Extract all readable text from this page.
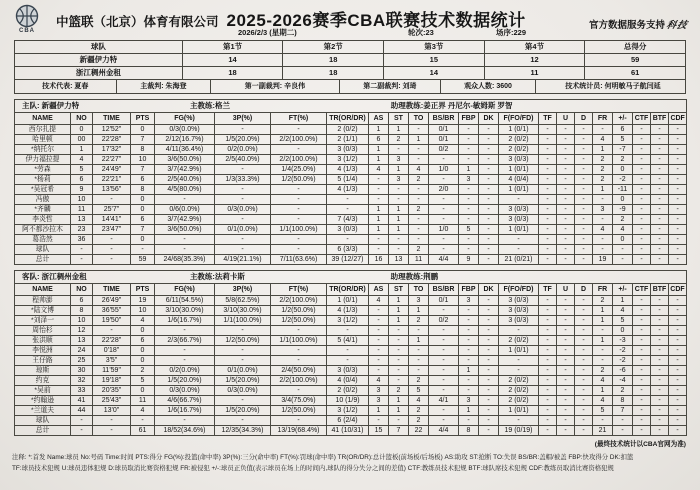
CBA
中篮联（北京）体育有限公司 2025-2026赛季CBA联赛技术数据统计
2026/2/3 (星期二)	轮次:23	场序:229
官方数据服务支持科技
球队	第1节	第2节	第3节	第4节	总得分
新疆伊力特	14	18	15	12	59
浙江稠州金租	18	18	14	11	61
技术代表: 夏春	主裁判: 朱海登	第一副裁判: 辛良伟	第二副裁判: 刘琦	观众人数: 3600	技术统计员: 何明敏马子航闫延
主队: 新疆伊力特 主教练:格兰 助理教练:姜正界 丹尼尔-敏姆斯 罗智																						
NAME	NO	TIME	PTS	FG(%)	3P(%)	FT(%)	TR(OR/DR)	AS	ST	TO	BS/BR	FBP	DK	F(FO/FD)	TF	U	D	FR	+/-	CTF	BTF	CDF
西尔扎提	0	12'52"	0	0/3(0.0%)	-	-	2 (0/2)	1	1	-	0/1	-	-	1 (0/1)	-	-	-	-	6	-	-	-
哈里顿	00	22'28"	7	2/12(16.7%)	1/5(20.0%)	2/2(100.0%)	2 (1/1)	6	2	1	0/1	-	-	2 (0/2)	-	-	-	4	5	-	-	-
*纳托尔	1	17'32"	8	4/11(36.4%)	0/2(0.0%)	-	3 (0/3)	1	-	-	0/2	-	-	2 (0/2)	-	-	-	1	-7	-	-	-
伊力福拉提	4	22'27"	10	3/6(50.0%)	2/5(40.0%)	2/2(100.0%)	3 (1/2)	1	3	-	-	-	-	3 (0/3)	-	-	-	2	2	-	-	-
*劳森	5	24'49"	7	3/7(42.9%)	-	1/4(25.0%)	4 (1/3)	4	1	4	1/0	1	-	1 (0/1)	-	-	-	2	0	-	-	-
*杨莉	6	22'21"	6	2/5(40.0%)	1/3(33.3%)	1/2(50.0%)	5 (1/4)	-	3	2	-	3	-	4 (0/4)	-	-	-	2	-2	-	-	-
*吴冠希	9	13'56"	8	4/5(80.0%)	-	-	4 (1/3)	-	-	-	2/0	-	-	1 (0/1)	-	-	-	1	-11	-	-	-
冯傲	10	-	0	-	-	-	-	-	-	-	-	-	-	-	-	-	-	-	0	-	-	-
*齐麟	11	25'7"	0	0/6(0.0%)	0/3(0.0%)	-	-	1	1	2	-	-	-	3 (0/3)	-	-	-	3	-9	-	-	-
李炎哲	13	14'41"	6	3/7(42.9%)	-	-	7 (4/3)	1	1	-	-	-	-	3 (0/3)	-	-	-	-	2	-	-	-
阿不都沙拉木	23	23'47"	7	3/6(50.0%)	0/1(0.0%)	1/1(100.0%)	3 (0/3)	1	1	-	1/0	5	-	1 (0/1)	-	-	-	4	4	-	-	-
葛浩然	36	-	0	-	-	-	-	-	-	-	-	-	-	-	-	-	-	-	0	-	-	-
球队	-	-	-	-	-	-	6 (3/3)	-	-	2	-	-	-	-	-	-	-	-	-	-	-	-
总计	-	-	59	24/68(35.3%)	4/19(21.1%)	7/11(63.6%)	39 (12/27)	16	13	11	4/4	9	-	21 (0/21)	-	-	-	19	-	-	-	-
客队: 浙江稠州金租 主教练:法莉卡斯 助理教练:荆鹏																						
NAME	NO	TIME	PTS	FG(%)	3P(%)	FT(%)	TR(OR/DR)	AS	ST	TO	BS/BR	FBP	DK	F(FO/FD)	TF	U	D	FR	+/-	CTF	BTF	CDF
程帅澎	6	26'49"	19	6/11(54.5%)	5/8(62.5%)	2/2(100.0%)	1 (0/1)	4	1	3	0/1	3	-	3 (0/3)	-	-	-	2	1	-	-	-
*陆文博	8	36'55"	10	3/10(30.0%)	3/10(30.0%)	1/2(50.0%)	4 (1/3)	-	1	1	-	-	-	3 (0/3)	-	-	-	1	4	-	-	-
*刘泽一	10	19'50"	4	1/6(16.7%)	1/1(100.0%)	1/2(50.0%)	3 (1/2)	-	1	2	0/2	-	-	3 (0/3)	-	-	-	1	5	-	-	-
周怡杉	12	-	0	-	-	-	-	-	-	-	-	-	-	-	-	-	-	-	0	-	-	-
张洪顺	13	22'28"	6	2/3(66.7%)	1/2(50.0%)	1/1(100.0%)	5 (4/1)	-	-	1	-	-	-	2 (0/2)	-	-	-	1	-3	-	-	-
李悦洲	24	0'18"	0	-	-	-	-	-	-	-	-	-	-	1 (0/1)	-	-	-	-	-2	-	-	-
王仔路	25	3'5"	0	-	-	-	-	-	-	-	-	-	-	-	-	-	-	-	-2	-	-	-
琼斯	30	11'59"	2	0/2(0.0%)	0/1(0.0%)	2/4(50.0%)	3 (0/3)	-	-	-	-	1	-	-	-	-	-	2	-6	-	-	-
约克	32	19'18"	5	1/5(20.0%)	1/5(20.0%)	2/2(100.0%)	4 (0/4)	4	-	2	-	-	-	2 (0/2)	-	-	-	4	-4	-	-	-
*吴前	33	20'35"	0	0/3(0.0%)	0/3(0.0%)	-	2 (0/2)	3	2	5	-	-	-	2 (0/2)	-	-	-	1	2	-	-	-
*约翰逊	41	25'43"	11	4/6(66.7%)	-	3/4(75.0%)	10 (1/9)	3	1	4	4/1	3	-	2 (0/2)	-	-	-	4	8	-	-	-
*兰道夫	44	13'0"	4	1/6(16.7%)	1/5(20.0%)	1/2(50.0%)	3 (1/2)	1	1	2	-	1	-	1 (0/1)	-	-	-	5	7	-	-	-
球队	-	-	-	-	-	-	6 (2/4)	-	-	2	-	-	-	-	-	-	-	-	-	-	-	-
总计	-	-	61	18/52(34.6%)	12/35(34.3%)	13/19(68.4%)	41 (10/31)	15	7	22	4/4	8	-	19 (0/19)	-	-	-	21	-	-	-	-
(最终技术统计以CBA官网为准)
注释: *:首发 Name:球员 No:号码 Time:时间 PTS:得分 FG(%):投篮(命中率) 3P(%):三分(命中率) FT(%):罚球(命中率) TR(OR/DR):总计篮板(前场板/后场板) AS:助攻 ST:抢断 TO:失误 BS/BR:盖帽/被盖 FBP:快攻得分 DK:扣篮
TF:球员技术犯规 U:球员违体犯规 D:球员取消比赛资格犯规 FR:被侵犯 +/-:球员正负值(表示球员在场上的时间内,球队的得分失分之间的差值) CTF:教练员技术犯规 BTF:球队席技术犯规 CDF:教练员取消比赛资格犯规
